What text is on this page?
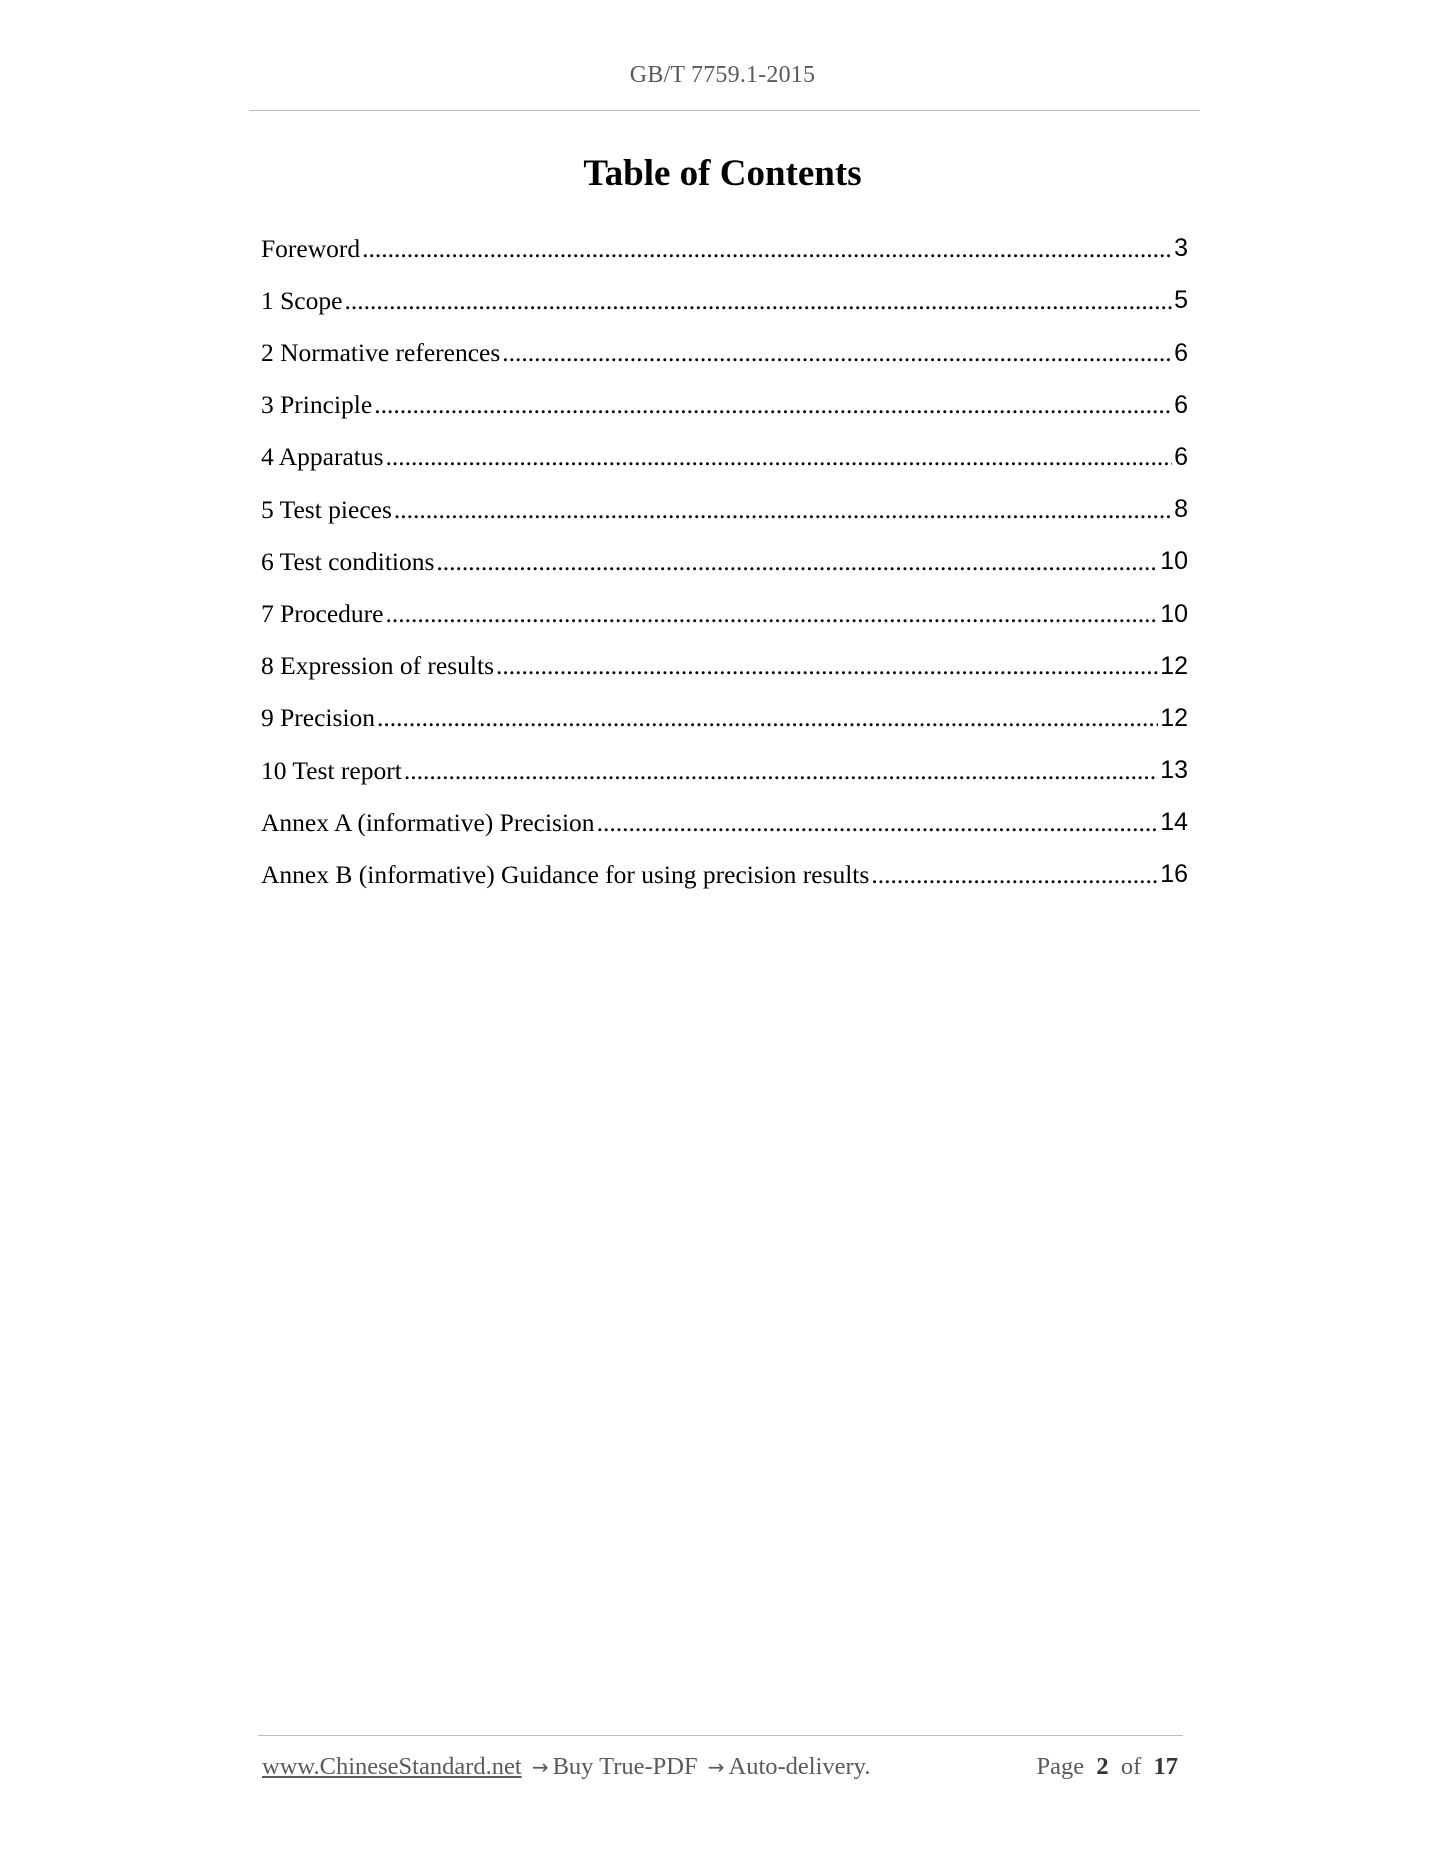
GB/T 7759.1-2015
Table of Contents
Foreword .....	3
1 Scope .....	5
2 Normative references .....	6
3 Principle .....	6
4 Apparatus .....	6
5 Test pieces .....	8
6 Test conditions .....	10
7 Procedure .....	10
8 Expression of results .....	12
9 Precision .....	12
10 Test report .....	13
Annex A (informative) Precision .....	14
Annex B (informative) Guidance for using precision results .....	16
www.ChineseStandard.net → Buy True-PDF → Auto-delivery.	Page 2 of 17
